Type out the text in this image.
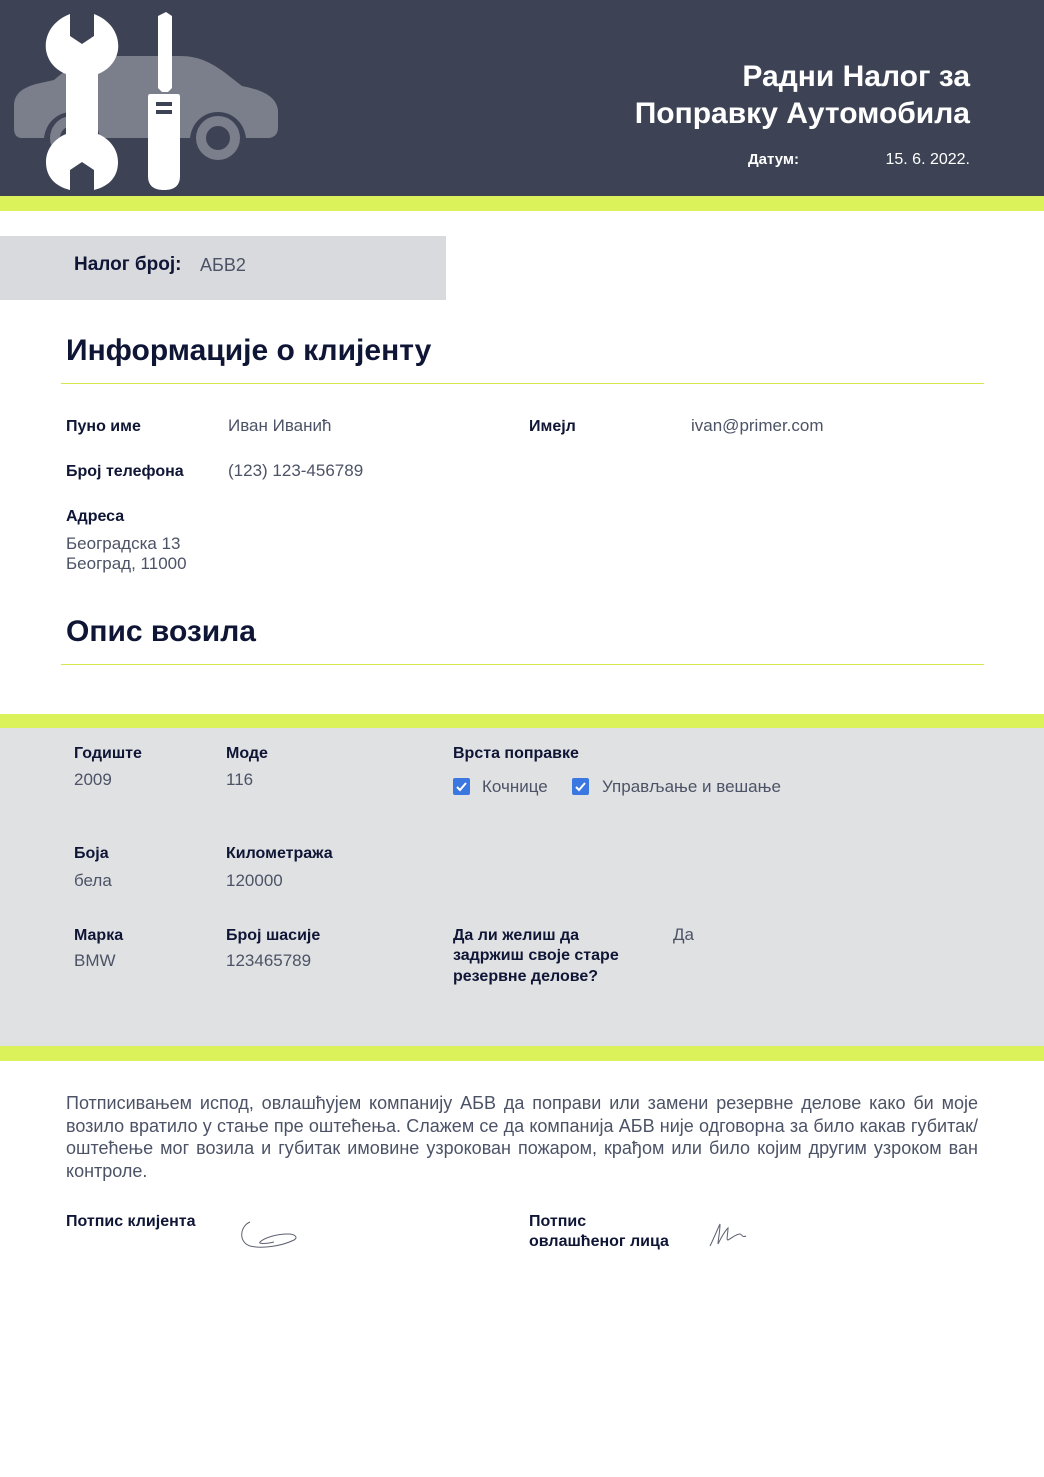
Радни Налог за
Поправку Аутомобила
Датум:	15. 6. 2022.
Налог број: АБВ2
Информације о клијенту
Пуно име	Иван Иванић	Имејл	ivan@primer.com
Број телефона	(123) 123-456789
Адреса
Београдска 13
Београд, 11000
Опис возила
Годиште
2009
Моде
116
Врста поправке
Кочнице	Управљање и вешање
Боја
бела
Километража
120000
Марка
BMW
Број шасије
123465789
Да ли желиш да
задржиш своје старе
резервне делове?
Да
Потписивањем испод, овлашћујем компанију АБВ да поправи или замени резервне делове како би моје возило вратило у стање пре оштећења. Слажем се да компанија АБВ није одговорна за било какав губитак/оштећење мог возила и губитак имовине узрокован пожаром, крађом или било којим другим узроком ван контроле.
Потпис клијента	Потпис
овлашћеног лица
